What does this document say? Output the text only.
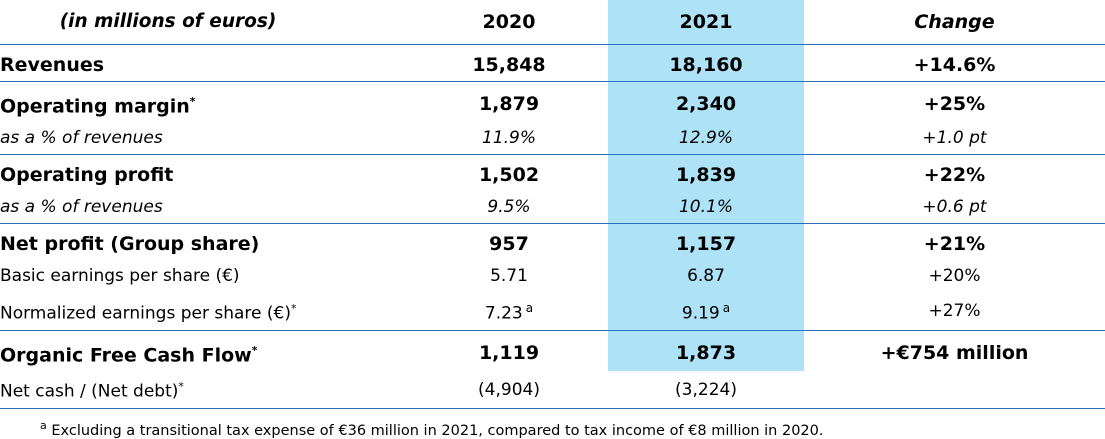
(in millions of euros)	2020	2021	Change

Revenues	15,848	18,160	+14.6%

Operating margin*	1,879	2,340	+25%
as a % of revenues	11.9%	12.9%	+1.0 pt

Operating profit	1,502	1,839	+22%
as a % of revenues	9.5%	10.1%	+0.6 pt

Net profit (Group share)	957	1,157	+21%
Basic earnings per share (€)	5.71	6.87	+20%
Normalized earnings per share (€)*	7.23 $^a$	9.19 $^a$	+27%

Organic Free Cash Flow*	1,119	1,873	+€754 million
Net cash / (Net debt)*	(4,904)	(3,224)	

$^a$ Excluding a transitional tax expense of €36 million in 2021, compared to tax income of €8 million in 2020.
